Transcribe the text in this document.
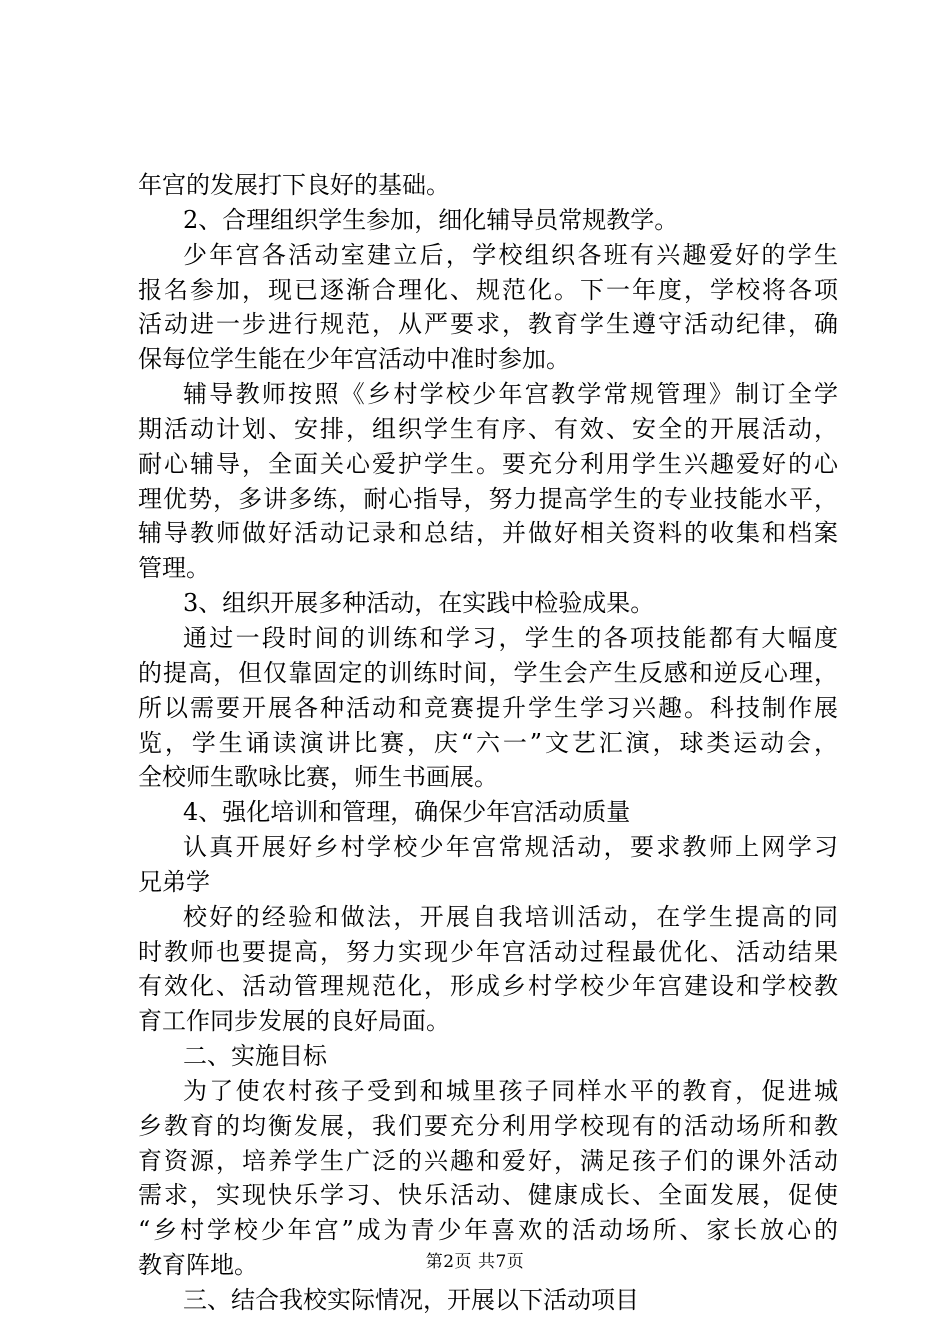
年宫的发展打下良好的基础。
2、合理组织学生参加，细化辅导员常规教学。
少年宫各活动室建立后，学校组织各班有兴趣爱好的学生
报名参加，现已逐渐合理化、规范化。下一年度，学校将各项
活动进一步进行规范，从严要求，教育学生遵守活动纪律，确
保每位学生能在少年宫活动中准时参加。
辅导教师按照《乡村学校少年宫教学常规管理》制订全学
期活动计划、安排，组织学生有序、有效、安全的开展活动，
耐心辅导，全面关心爱护学生。要充分利用学生兴趣爱好的心
理优势，多讲多练，耐心指导，努力提高学生的专业技能水平，
辅导教师做好活动记录和总结，并做好相关资料的收集和档案
管理。
3、组织开展多种活动，在实践中检验成果。
通过一段时间的训练和学习，学生的各项技能都有大幅度
的提高，但仅靠固定的训练时间，学生会产生反感和逆反心理，
所以需要开展各种活动和竞赛提升学生学习兴趣。科技制作展
览，学生诵读演讲比赛，庆“六一”文艺汇演，球类运动会，
全校师生歌咏比赛，师生书画展。
4、强化培训和管理，确保少年宫活动质量
认真开展好乡村学校少年宫常规活动，要求教师上网学习
兄弟学
校好的经验和做法，开展自我培训活动，在学生提高的同
时教师也要提高，努力实现少年宫活动过程最优化、活动结果
有效化、活动管理规范化，形成乡村学校少年宫建设和学校教
育工作同步发展的良好局面。
二、实施目标
为了使农村孩子受到和城里孩子同样水平的教育，促进城
乡教育的均衡发展，我们要充分利用学校现有的活动场所和教
育资源，培养学生广泛的兴趣和爱好，满足孩子们的课外活动
需求，实现快乐学习、快乐活动、健康成长、全面发展，促使
“乡村学校少年宫”成为青少年喜欢的活动场所、家长放心的
教育阵地。
三、结合我校实际情况，开展以下活动项目
第2页 共7页
